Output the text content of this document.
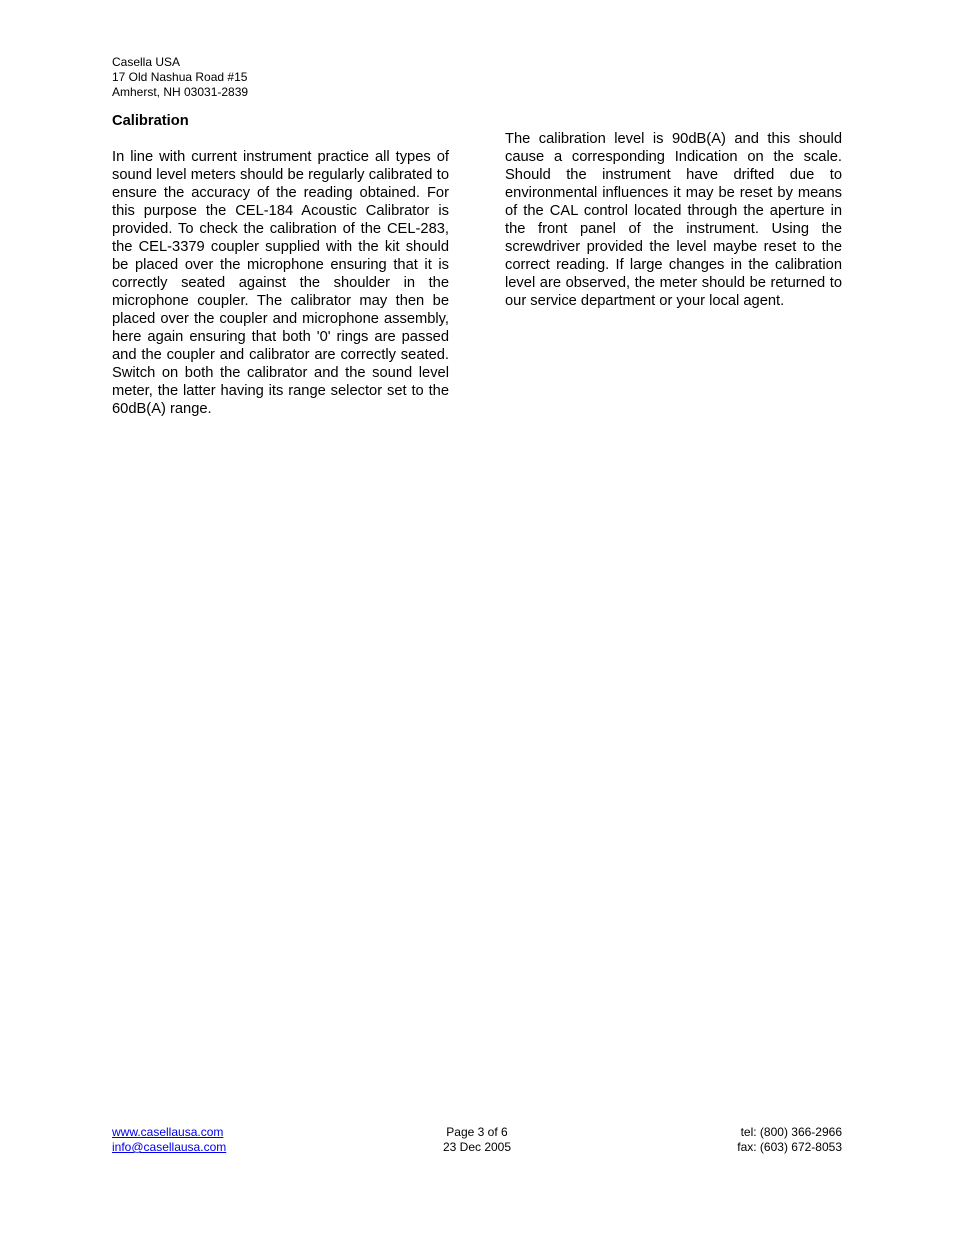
Casella USA
17 Old Nashua Road #15
Amherst, NH 03031-2839
Calibration

In line with current instrument practice all types of sound level meters should be regularly calibrated to ensure the accuracy of the reading obtained. For this purpose the CEL-184 Acoustic Calibrator is provided. To check the calibration of the CEL-283, the CEL-3379 coupler supplied with the kit should be placed over the microphone ensuring that it is correctly seated against the shoulder in the microphone coupler. The calibrator may then be placed over the coupler and microphone assembly, here again ensuring that both '0' rings are passed and the coupler and calibrator are correctly seated. Switch on both the calibrator and the sound level meter, the latter having its range selector set to the 60dB(A) range.

The calibration level is 90dB(A) and this should cause a corresponding Indication on the scale. Should the instrument have drifted due to environmental influences it may be reset by means of the CAL control located through the aperture in the front panel of the instrument. Using the screwdriver provided the level maybe reset to the correct reading. If large changes in the calibration level are observed, the meter should be returned to our service department or your local agent.

www.casellausa.com
info@casellausa.com
Page 3 of 6
23 Dec 2005
tel: (800) 366-2966
fax: (603) 672-8053
